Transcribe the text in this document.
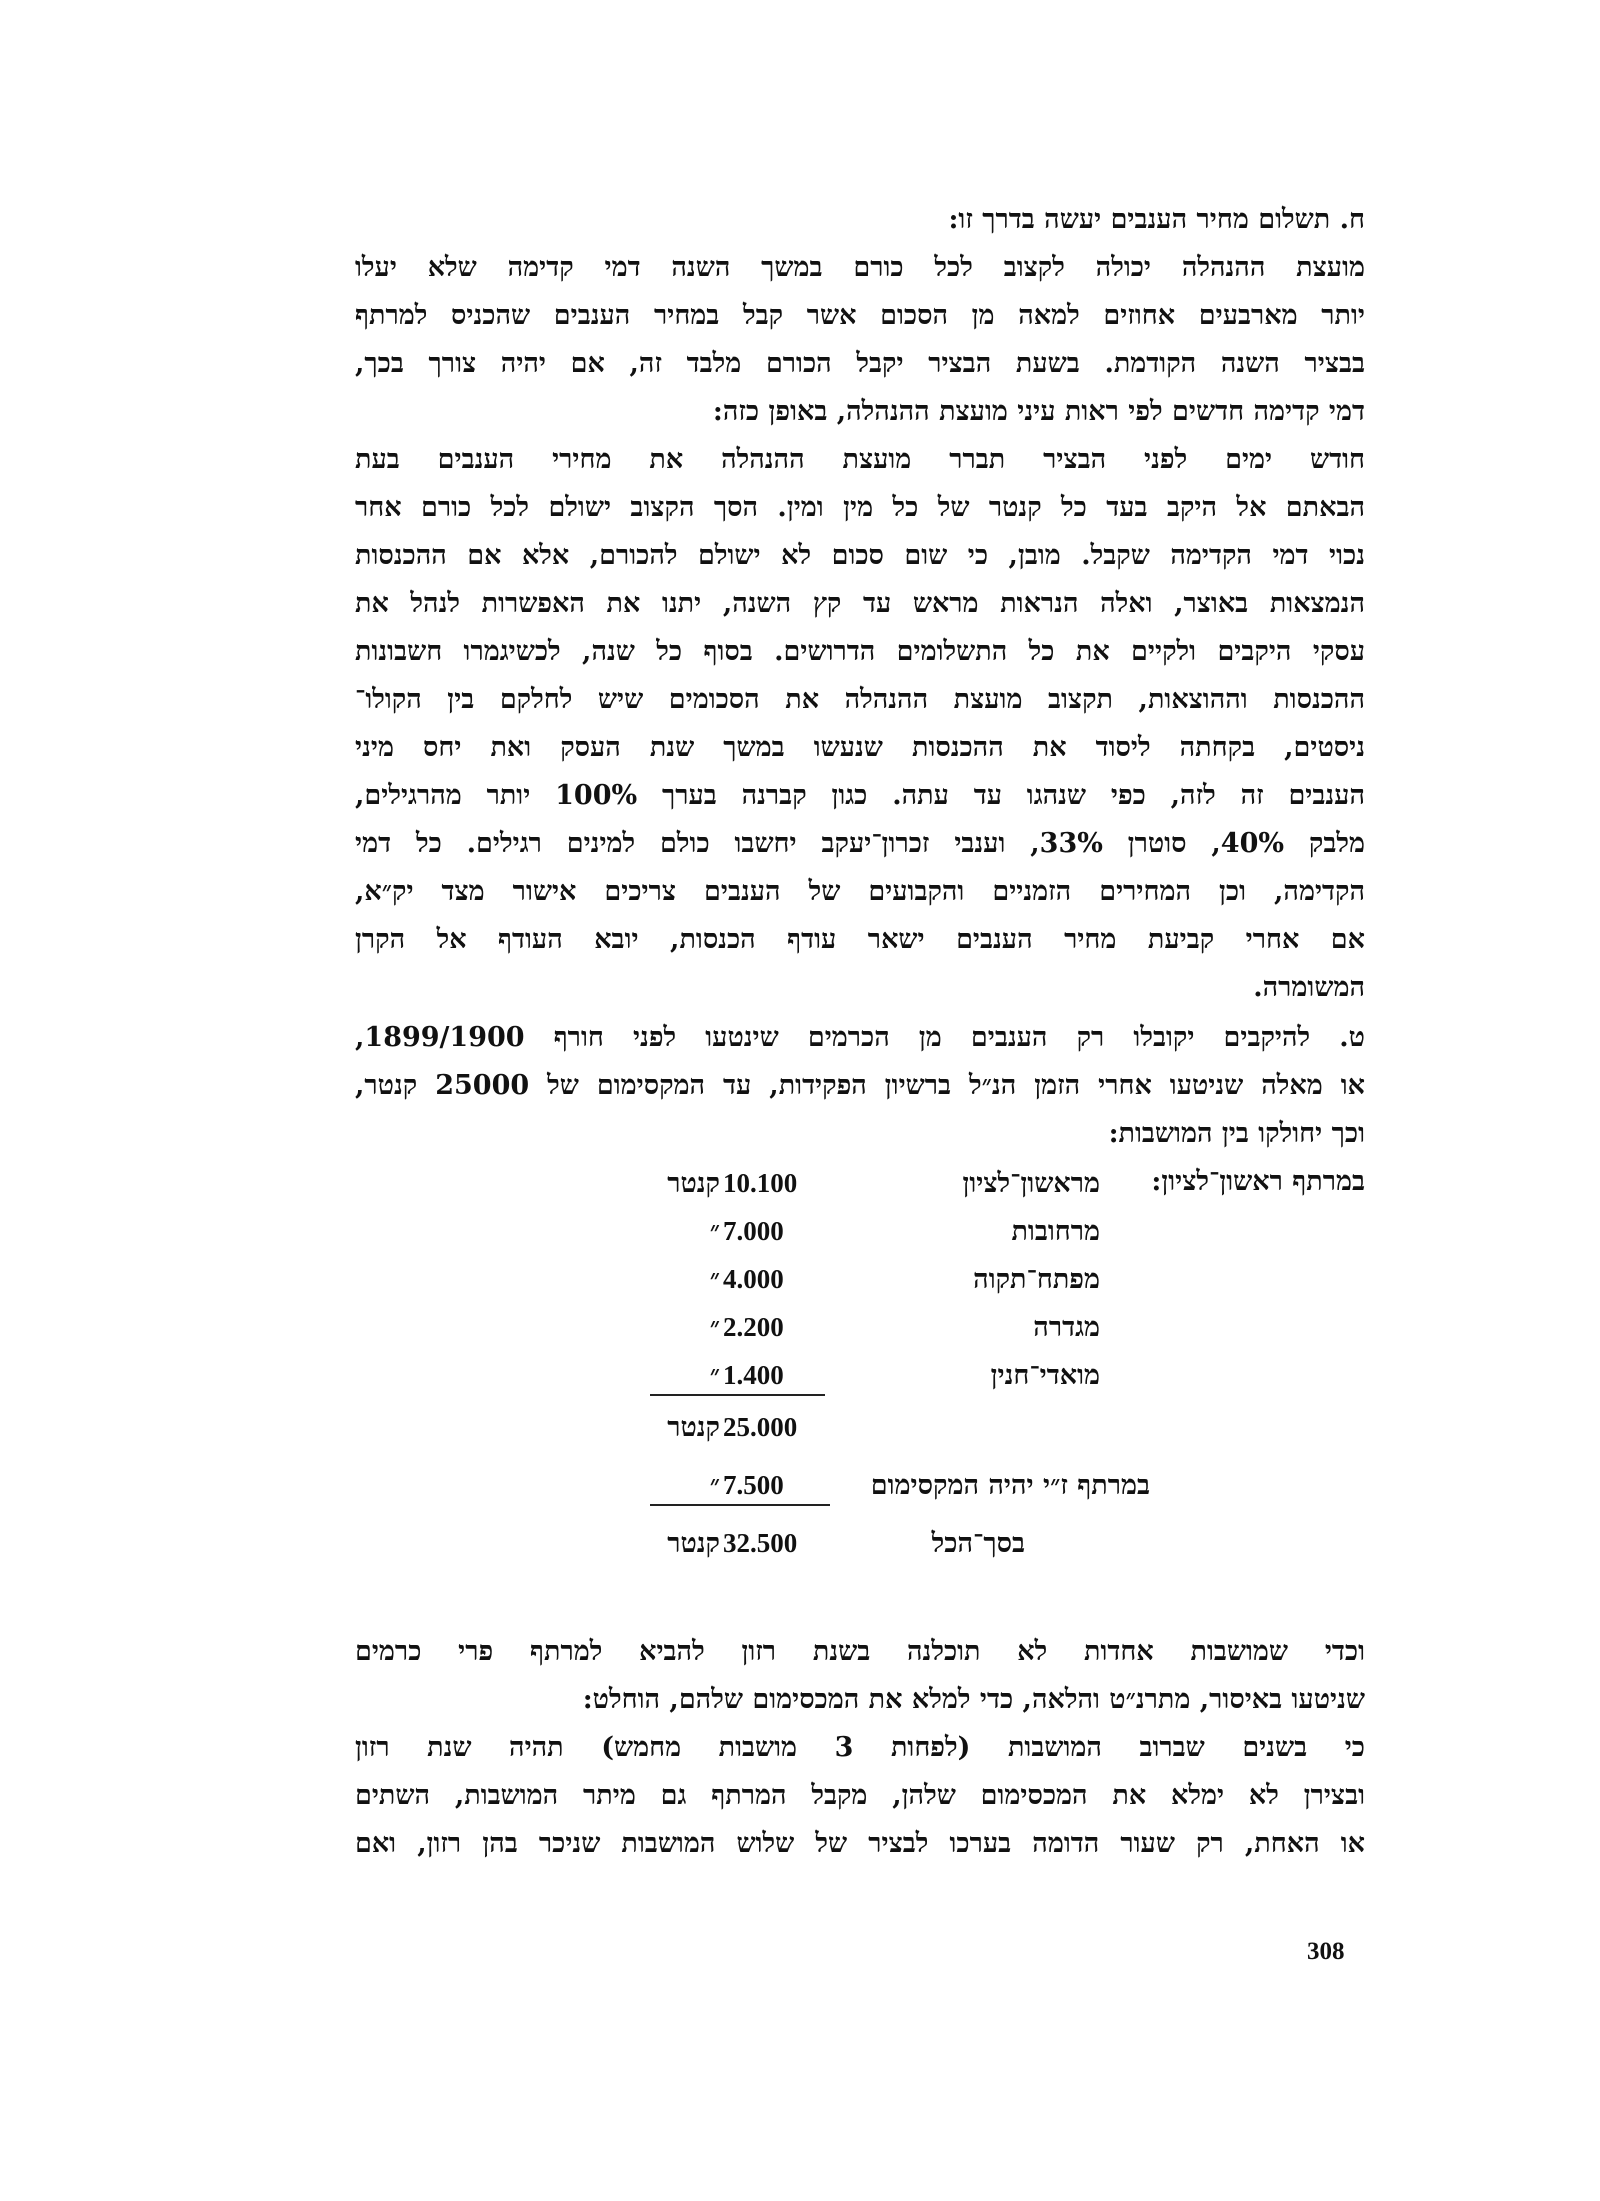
ח. תשלום מחיר הענבים יעשה בדרך זו:
מועצת ההנהלה יכולה לקצוב לכל כורם במשך השנה דמי קדימה שלא יעלו
יותר מארבעים אחוזים למאה מן הסכום אשר קבל במחיר הענבים שהכניס למרתף
בבציר השנה הקודמת. בשעת הבציר יקבל הכורם מלבד זה, אם יהיה צורך בכך,
דמי קדימה חדשים לפי ראות עיני מועצת ההנהלה, באופן כזה:
חודש ימים לפני הבציר תברר מועצת ההנהלה את מחירי הענבים בעת
הבאתם אל היקב בעד כל קנטר של כל מין ומין. הסך הקצוב ישולם לכל כורם אחר
נכוי דמי הקדימה שקבל. מובן, כי שום סכום לא ישולם להכורם, אלא אם ההכנסות
הנמצאות באוצר, ואלה הנראות מראש עד קץ השנה, יתנו את האפשרות לנהל את
עסקי היקבים ולקיים את כל התשלומים הדרושים. בסוף כל שנה, לכשיגמרו חשבונות
ההכנסות וההוצאות, תקצוב מועצת ההנהלה את הסכומים שיש לחלקם בין הקולו־
ניסטים, בקחתה ליסוד את ההכנסות שנעשו במשך שנת העסק ואת יחס מיני
הענבים זה לזה, כפי שנהגו עד עתה. כגון קברנה בערך 100% יותר מהרגילים,
מלבק 40%, סוטרן 33%, וענבי זכרון־יעקב יחשבו כולם למינים רגילים. כל דמי
הקדימה, וכן המחירים הזמניים והקבועים של הענבים צריכים אישור מצד יק״א,
אם אחרי קביעת מחיר הענבים ישאר עודף הכנסות, יובא העודף אל הקרן
המשומרה.
ט. להיקבים יקובלו רק הענבים מן הכרמים שינטעו לפני חורף 1899/1900,
או מאלה שניטעו אחרי הזמן הנ״ל ברשיון הפקידות, עד המקסימום של 25000 קנטר,
וכך יחולקו בין המושבות:
במרתף ראשון־לציון:
מראשון־לציון
10.100
קנטר
מרחובות
7.000
״
מפתח־תקוה
4.000
״
מגדרה
2.200
״
מואדי־חנין
1.400
״
25.000
קנטר
במרתף ז״י יהיה המקסימום
7.500
״
בסך־הכל
32.500
קנטר
וכדי שמושבות אחדות לא תוכלנה בשנת רזון להביא למרתף פרי כרמים
שניטעו באיסור, מתרנ״ט והלאה, כדי למלא את המכסימום שלהם, הוחלט:
כי בשנים שברוב המושבות (לפחות 3 מושבות מחמש) תהיה שנת רזון
ובצירן לא ימלא את המכסימום שלהן, מקבל המרתף גם מיתר המושבות, השתים
או האחת, רק שעור הדומה בערכו לבציר של שלוש המושבות שניכר בהן רזון, ואם
308
